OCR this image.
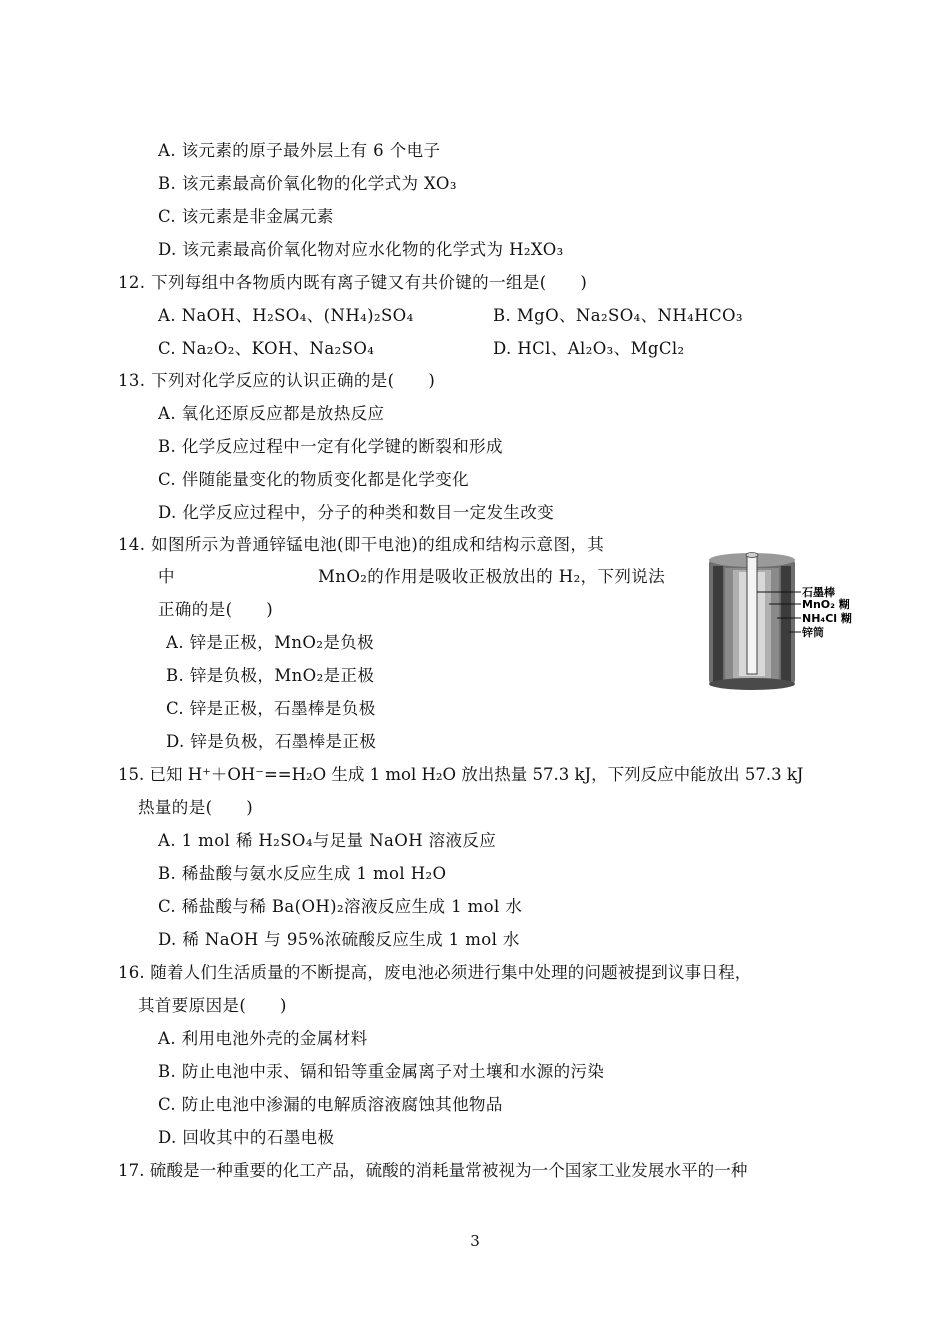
A. 该元素的原子最外层上有 6 个电子
B. 该元素最高价氧化物的化学式为 XO₃
C. 该元素是非金属元素
D. 该元素最高价氧化物对应水化物的化学式为 H₂XO₃
12. 下列每组中各物质内既有离子键又有共价键的一组是(　　)
A. NaOH、H₂SO₄、(NH₄)₂SO₄	B. MgO、Na₂SO₄、NH₄HCO₃
C. Na₂O₂、KOH、Na₂SO₄	D. HCl、Al₂O₃、MgCl₂
13. 下列对化学反应的认识正确的是(　　)
A. 氧化还原反应都是放热反应
B. 化学反应过程中一定有化学键的断裂和形成
C. 伴随能量变化的物质变化都是化学变化
D. 化学反应过程中，分子的种类和数目一定发生改变
14. 如图所示为普通锌锰电池(即干电池)的组成和结构示意图，其
中	MnO₂的作用是吸收正极放出的 H₂，下列说法
正确的是(　　)
A. 锌是正极，MnO₂是负极
B. 锌是负极，MnO₂是正极
C. 锌是正极，石墨棒是负极
D. 锌是负极，石墨棒是正极
15. 已知 H⁺＋OH⁻==H₂O 生成 1 mol H₂O 放出热量 57.3 kJ，下列反应中能放出 57.3 kJ
热量的是(　　)
A. 1 mol 稀 H₂SO₄与足量 NaOH 溶液反应
B. 稀盐酸与氨水反应生成 1 mol H₂O
C. 稀盐酸与稀 Ba(OH)₂溶液反应生成 1 mol 水
D. 稀 NaOH 与 95%浓硫酸反应生成 1 mol 水
16. 随着人们生活质量的不断提高，废电池必须进行集中处理的问题被提到议事日程，
其首要原因是(　　)
A. 利用电池外壳的金属材料
B. 防止电池中汞、镉和铅等重金属离子对土壤和水源的污染
C. 防止电池中渗漏的电解质溶液腐蚀其他物品
D. 回收其中的石墨电极
17. 硫酸是一种重要的化工产品，硫酸的消耗量常被视为一个国家工业发展水平的一种
石墨棒
MnO₂ 糊
NH₄Cl 糊
锌筒
3
